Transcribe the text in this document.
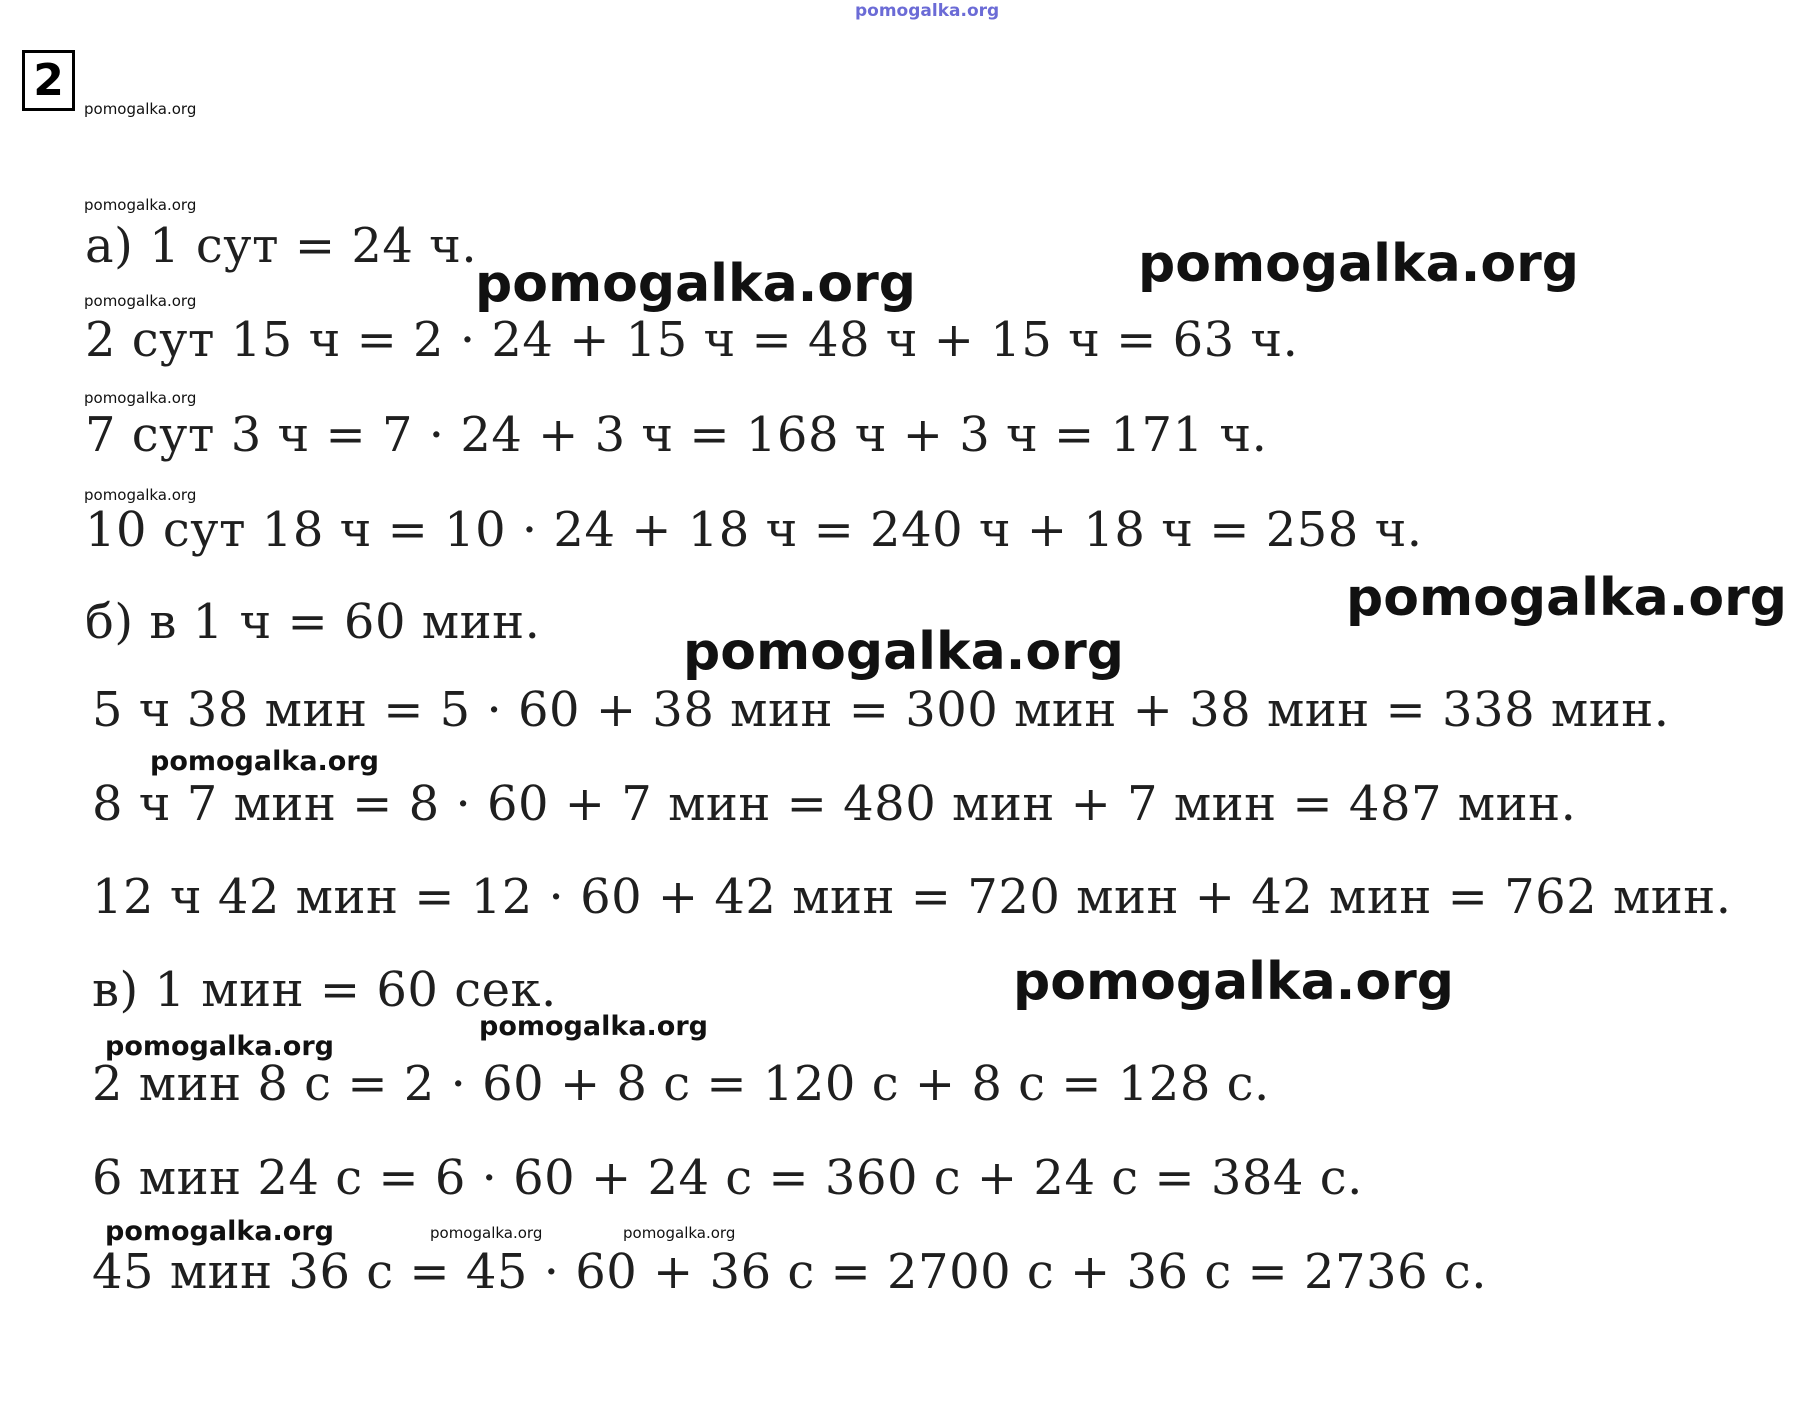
pomogalka.org
2
а) 1 сут = 24 ч.
2 сут 15 ч = 2 · 24 + 15 ч = 48 ч + 15 ч = 63 ч.
7 сут 3 ч = 7 · 24 + 3 ч = 168 ч + 3 ч = 171 ч.
10 сут 18 ч = 10 · 24 + 18 ч = 240 ч + 18 ч = 258 ч.
б) в 1 ч = 60 мин.
5 ч 38 мин = 5 · 60 + 38 мин = 300 мин + 38 мин = 338 мин.
8 ч 7 мин = 8 · 60 + 7 мин = 480 мин + 7 мин = 487 мин.
12 ч 42 мин = 12 · 60 + 42 мин = 720 мин + 42 мин = 762 мин.
в) 1 мин = 60 сек.
2 мин 8 с = 2 · 60 + 8 с = 120 с + 8 с = 128 с.
6 мин 24 с = 6 · 60 + 24 с = 360 с + 24 с = 384 с.
45 мин 36 с = 45 · 60 + 36 с = 2700 с + 36 с = 2736 с.
pomogalka.org
pomogalka.org
pomogalka.org
pomogalka.org
pomogalka.org
pomogalka.org	pomogalka.org
pomogalka.org
pomogalka.org
pomogalka.org
pomogalka.org
pomogalka.org
pomogalka.org
pomogalka.org	pomogalka.org	pomogalka.org
